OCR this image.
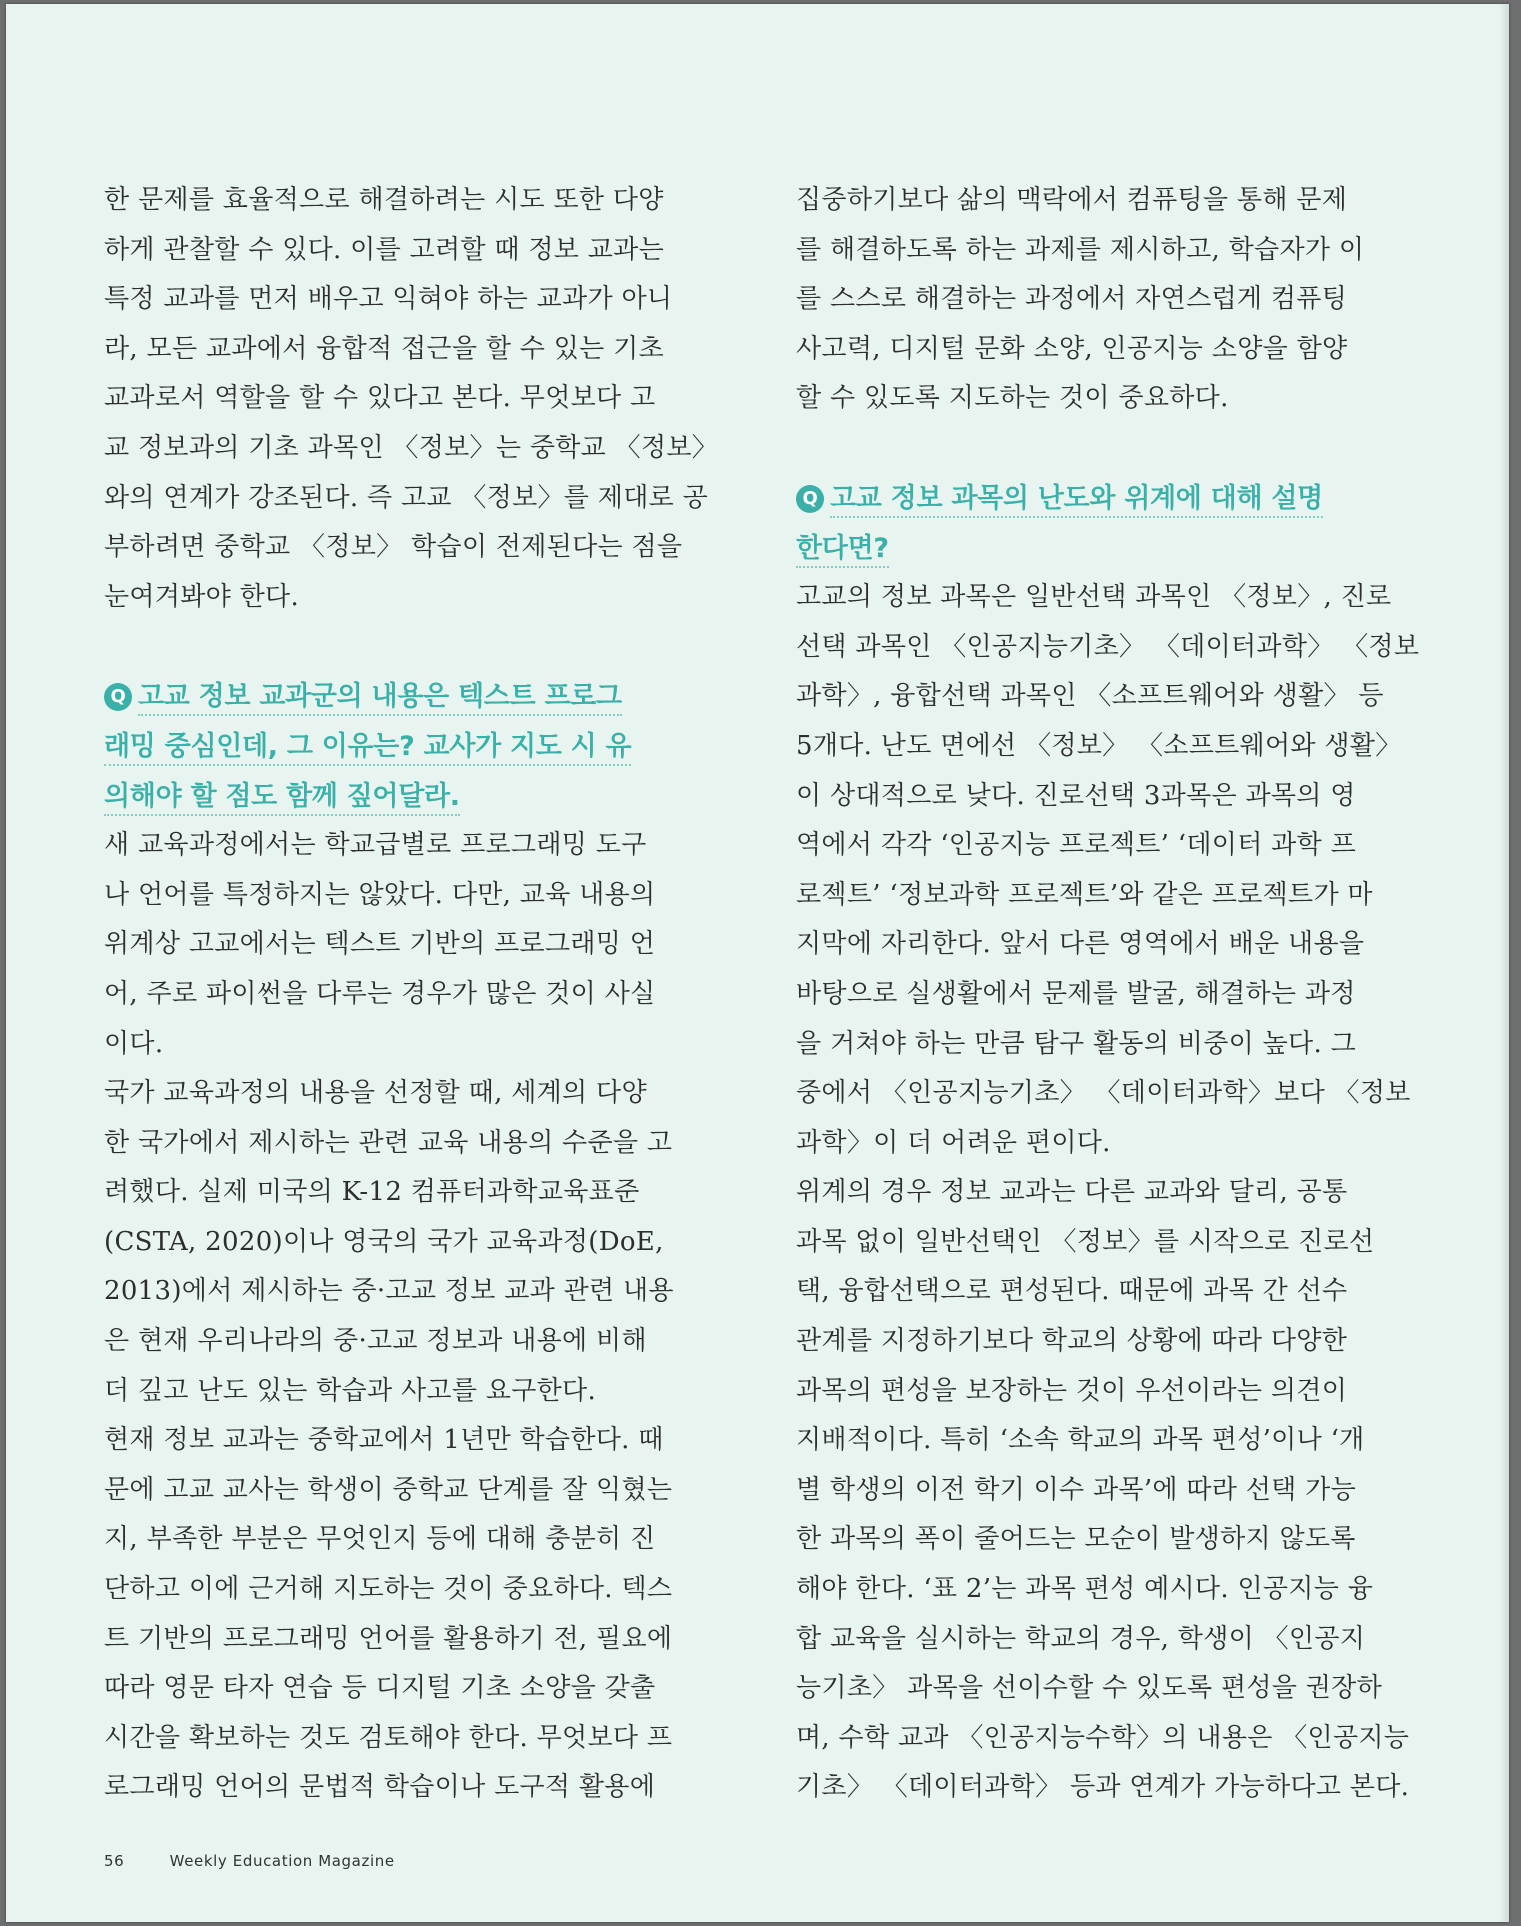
한 문제를 효율적으로 해결하려는 시도 또한 다양
하게 관찰할 수 있다. 이를 고려할 때 정보 교과는
특정 교과를 먼저 배우고 익혀야 하는 교과가 아니
라, 모든 교과에서 융합적 접근을 할 수 있는 기초
교과로서 역할을 할 수 있다고 본다. 무엇보다 고
교 정보과의 기초 과목인 〈정보〉는 중학교 〈정보〉
와의 연계가 강조된다. 즉 고교 〈정보〉를 제대로 공
부하려면 중학교 〈정보〉 학습이 전제된다는 점을
눈여겨봐야 한다.

Q 고교 정보 교과군의 내용은 텍스트 프로그
래밍 중심인데, 그 이유는? 교사가 지도 시 유
의해야 할 점도 함께 짚어달라.

새 교육과정에서는 학교급별로 프로그래밍 도구
나 언어를 특정하지는 않았다. 다만, 교육 내용의
위계상 고교에서는 텍스트 기반의 프로그래밍 언
어, 주로 파이썬을 다루는 경우가 많은 것이 사실
이다.

국가 교육과정의 내용을 선정할 때, 세계의 다양
한 국가에서 제시하는 관련 교육 내용의 수준을 고
려했다. 실제 미국의 K-12 컴퓨터과학교육표준
(CSTA, 2020)이나 영국의 국가 교육과정(DoE,
2013)에서 제시하는 중·고교 정보 교과 관련 내용
은 현재 우리나라의 중·고교 정보과 내용에 비해
더 깊고 난도 있는 학습과 사고를 요구한다.

현재 정보 교과는 중학교에서 1년만 학습한다. 때
문에 고교 교사는 학생이 중학교 단계를 잘 익혔는
지, 부족한 부분은 무엇인지 등에 대해 충분히 진
단하고 이에 근거해 지도하는 것이 중요하다. 텍스
트 기반의 프로그래밍 언어를 활용하기 전, 필요에
따라 영문 타자 연습 등 디지털 기초 소양을 갖출
시간을 확보하는 것도 검토해야 한다. 무엇보다 프
로그래밍 언어의 문법적 학습이나 도구적 활용에

집중하기보다 삶의 맥락에서 컴퓨팅을 통해 문제
를 해결하도록 하는 과제를 제시하고, 학습자가 이
를 스스로 해결하는 과정에서 자연스럽게 컴퓨팅
사고력, 디지털 문화 소양, 인공지능 소양을 함양
할 수 있도록 지도하는 것이 중요하다.

Q 고교 정보 과목의 난도와 위계에 대해 설명
한다면?

고교의 정보 과목은 일반선택 과목인 〈정보〉, 진로
선택 과목인 〈인공지능기초〉 〈데이터과학〉 〈정보
과학〉, 융합선택 과목인 〈소프트웨어와 생활〉 등
5개다. 난도 면에선 〈정보〉 〈소프트웨어와 생활〉
이 상대적으로 낮다. 진로선택 3과목은 과목의 영
역에서 각각 ‘인공지능 프로젝트’ ‘데이터 과학 프
로젝트’ ‘정보과학 프로젝트’와 같은 프로젝트가 마
지막에 자리한다. 앞서 다른 영역에서 배운 내용을
바탕으로 실생활에서 문제를 발굴, 해결하는 과정
을 거쳐야 하는 만큼 탐구 활동의 비중이 높다. 그
중에서 〈인공지능기초〉 〈데이터과학〉보다 〈정보
과학〉이 더 어려운 편이다.

위계의 경우 정보 교과는 다른 교과와 달리, 공통
과목 없이 일반선택인 〈정보〉를 시작으로 진로선
택, 융합선택으로 편성된다. 때문에 과목 간 선수
관계를 지정하기보다 학교의 상황에 따라 다양한
과목의 편성을 보장하는 것이 우선이라는 의견이
지배적이다. 특히 ‘소속 학교의 과목 편성’이나 ‘개
별 학생의 이전 학기 이수 과목’에 따라 선택 가능
한 과목의 폭이 줄어드는 모순이 발생하지 않도록
해야 한다. ‘표 2’는 과목 편성 예시다. 인공지능 융
합 교육을 실시하는 학교의 경우, 학생이 〈인공지
능기초〉 과목을 선이수할 수 있도록 편성을 권장하
며, 수학 교과 〈인공지능수학〉의 내용은 〈인공지능
기초〉 〈데이터과학〉 등과 연계가 가능하다고 본다.

56	Weekly Education Magazine
